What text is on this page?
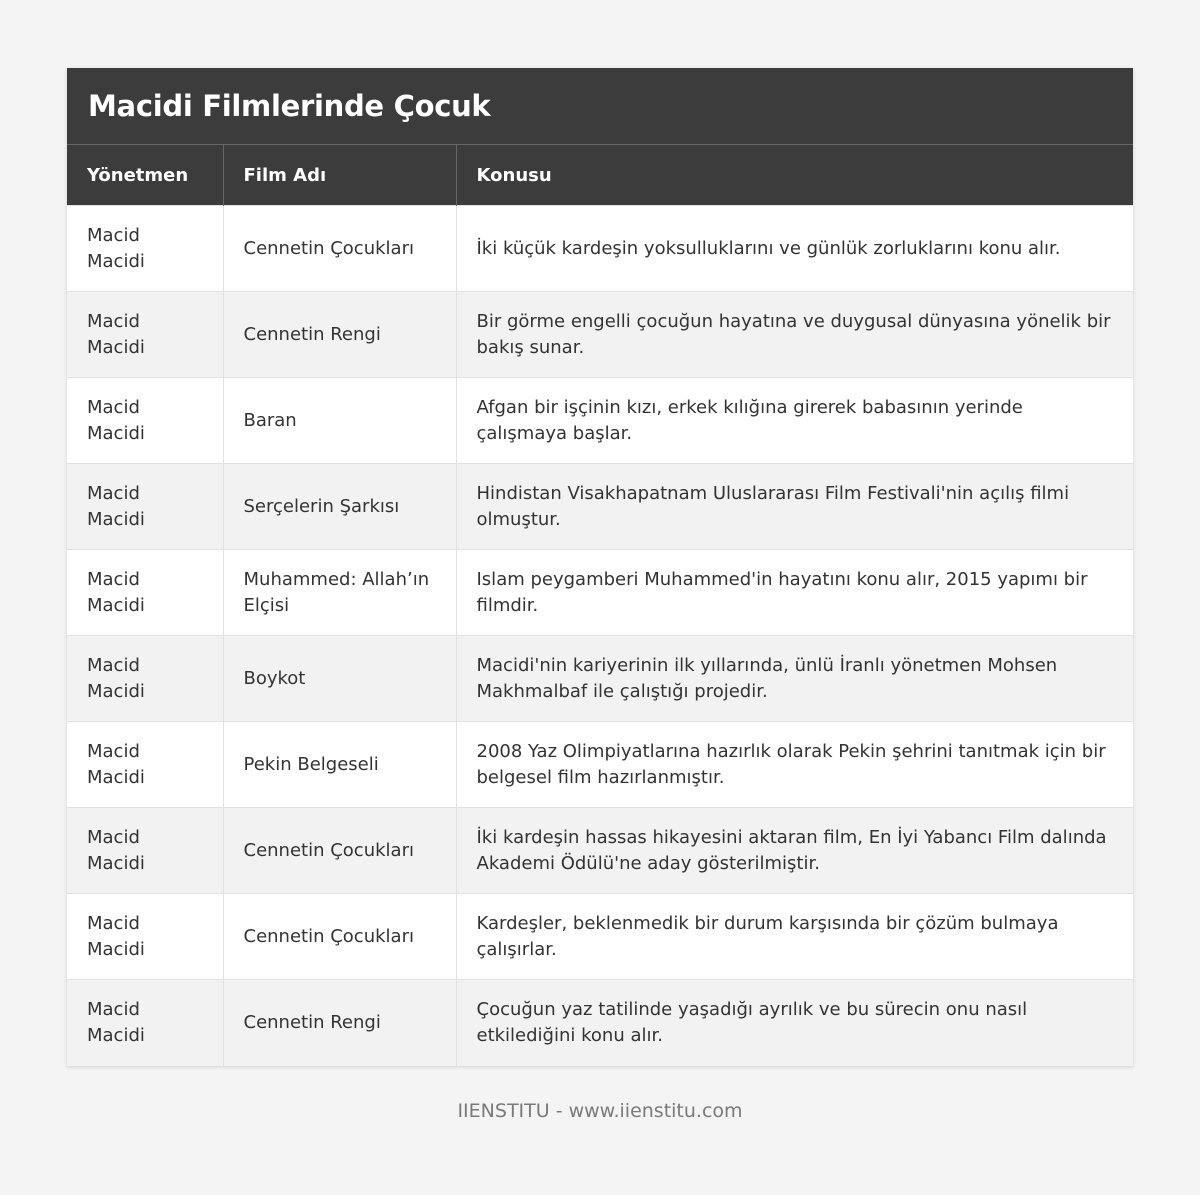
Macidi Filmlerinde Çocuk
Yönetmen	Film Adı	Konusu
Macid Macidi	Cennetin Çocukları	İki küçük kardeşin yoksulluklarını ve günlük zorluklarını konu alır.
Macid Macidi	Cennetin Rengi	Bir görme engelli çocuğun hayatına ve duygusal dünyasına yönelik bir bakış sunar.
Macid Macidi	Baran	Afgan bir işçinin kızı, erkek kılığına girerek babasının yerinde çalışmaya başlar.
Macid Macidi	Serçelerin Şarkısı	Hindistan Visakhapatnam Uluslararası Film Festivali'nin açılış filmi olmuştur.
Macid Macidi	Muhammed: Allah’ın Elçisi	Islam peygamberi Muhammed'in hayatını konu alır, 2015 yapımı bir filmdir.
Macid Macidi	Boykot	Macidi'nin kariyerinin ilk yıllarında, ünlü İranlı yönetmen Mohsen Makhmalbaf ile çalıştığı projedir.
Macid Macidi	Pekin Belgeseli	2008 Yaz Olimpiyatlarına hazırlık olarak Pekin şehrini tanıtmak için bir belgesel film hazırlanmıştır.
Macid Macidi	Cennetin Çocukları	İki kardeşin hassas hikayesini aktaran film, En İyi Yabancı Film dalında Akademi Ödülü'ne aday gösterilmiştir.
Macid Macidi	Cennetin Çocukları	Kardeşler, beklenmedik bir durum karşısında bir çözüm bulmaya çalışırlar.
Macid Macidi	Cennetin Rengi	Çocuğun yaz tatilinde yaşadığı ayrılık ve bu sürecin onu nasıl etkilediğini konu alır.
IIENSTITU - www.iienstitu.com
